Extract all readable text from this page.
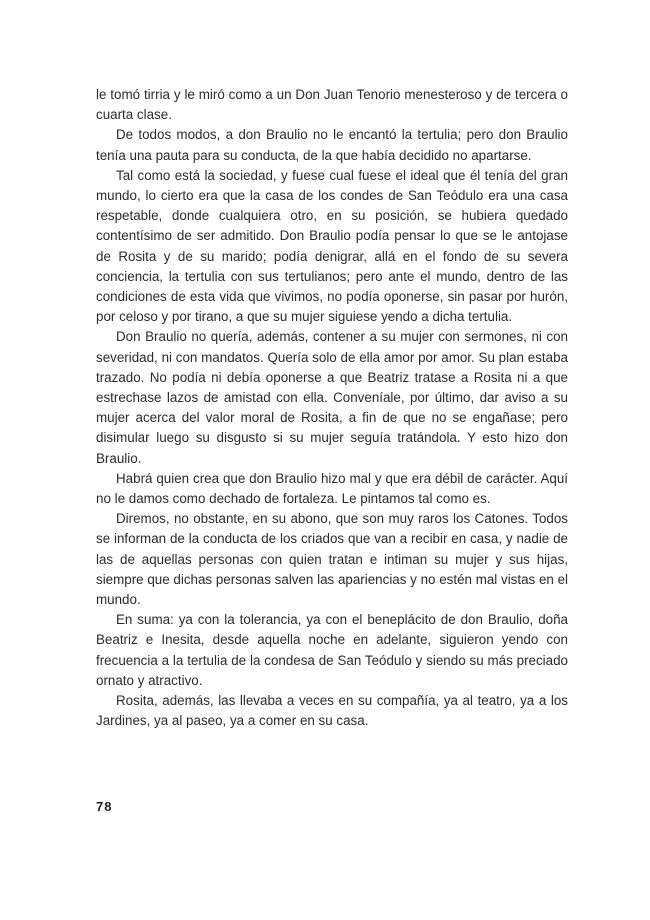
le tomó tirria y le miró como a un Don Juan Tenorio menesteroso y de tercera o cuarta clase.

De todos modos, a don Braulio no le encantó la tertulia; pero don Braulio tenía una pauta para su conducta, de la que había decidido no apartarse.

Tal como está la sociedad, y fuese cual fuese el ideal que él tenía del gran mundo, lo cierto era que la casa de los condes de San Teódulo era una casa respetable, donde cualquiera otro, en su posición, se hubiera quedado contentísimo de ser admitido. Don Braulio podía pensar lo que se le antojase de Rosita y de su marido; podía denigrar, allá en el fondo de su severa conciencia, la tertulia con sus tertulianos; pero ante el mundo, dentro de las condiciones de esta vida que vivimos, no podía oponerse, sin pasar por hurón, por celoso y por tirano, a que su mujer siguiese yendo a dicha tertulia.

Don Braulio no quería, además, contener a su mujer con sermones, ni con severidad, ni con mandatos. Quería solo de ella amor por amor. Su plan estaba trazado. No podía ni debía oponerse a que Beatriz tratase a Rosita ni a que estrechase lazos de amistad con ella. Conveníale, por último, dar aviso a su mujer acerca del valor moral de Rosita, a fin de que no se engañase; pero disimular luego su disgusto si su mujer seguía tratándola. Y esto hizo don Braulio.

Habrá quien crea que don Braulio hizo mal y que era débil de carácter. Aquí no le damos como dechado de fortaleza. Le pintamos tal como es.

Diremos, no obstante, en su abono, que son muy raros los Catones. Todos se informan de la conducta de los criados que van a recibir en casa, y nadie de las de aquellas personas con quien tratan e intiman su mujer y sus hijas, siempre que dichas personas salven las apariencias y no estén mal vistas en el mundo.

En suma: ya con la tolerancia, ya con el beneplácito de don Braulio, doña Beatriz e Inesita, desde aquella noche en adelante, siguieron yendo con frecuencia a la tertulia de la condesa de San Teódulo y siendo su más preciado ornato y atractivo.

Rosita, además, las llevaba a veces en su compañía, ya al teatro, ya a los Jardines, ya al paseo, ya a comer en su casa.

78
